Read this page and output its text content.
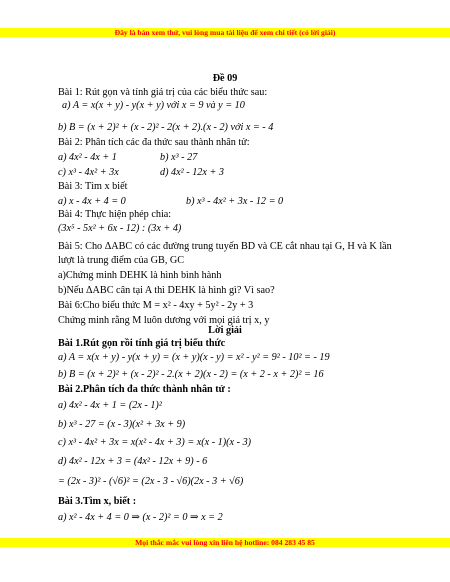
Đây là bản xem thử, vui lòng mua tài liệu để xem chi tiết (có lời giải)
Đề 09
Bài 1: Rút gọn và tính giá trị của các biểu thức sau:
a) A = x(x + y) - y(x + y) với x = 9 và y = 10
b) B = (x + 2)² + (x - 2)² - 2(x + 2).(x - 2) với x = - 4
Bài 2: Phân tích các đa thức sau thành nhân tử:
a) 4x² - 4x + 1	b) x³ - 27
c) x³ - 4x² + 3x	d) 4x² - 12x + 3
Bài 3: Tìm x biết
a) x - 4x + 4 = 0	b) x³ - 4x² + 3x - 12 = 0
Bài 4: Thực hiện phép chia:
(3x⁵ - 5x² + 6x - 12) : (3x + 4)
Bài 5: Cho ΔABC có các đường trung tuyến BD và CE cắt nhau tại G, H và K lần
lượt là trung điểm của GB, GC
a)Chứng minh DEHK là hình bình hành
b)Nếu ΔABC cân tại A thì DEHK là hình gì? Vì sao?
Bài 6:Cho biểu thức M = x² - 4xy + 5y² - 2y + 3
Chứng minh rằng M luôn dương với mọi giá trị x, y
Lời giải
Bài 1.Rút gọn rồi tính giá trị biểu thức
a) A = x(x + y) - y(x + y) = (x + y)(x - y) = x² - y² = 9² - 10² = - 19
b) B = (x + 2)² + (x - 2)² - 2.(x + 2)(x - 2) = (x + 2 - x + 2)² = 16
Bài 2.Phân tích đa thức thành nhân tử :
a) 4x² - 4x + 1 = (2x - 1)²
b) x³ - 27 = (x - 3)(x² + 3x + 9)
c) x³ - 4x² + 3x = x(x² - 4x + 3) = x(x - 1)(x - 3)
d) 4x² - 12x + 3 = (4x² - 12x + 9) - 6
= (2x - 3)² - (√6)² = (2x - 3 - √6)(2x - 3 + √6)
Bài 3.Tìm x, biết :
a) x² - 4x + 4 = 0 ⇒ (x - 2)² = 0 ⇒ x = 2
Mọi thắc mắc vui lòng xin liên hệ hotline: 084 283 45 85
